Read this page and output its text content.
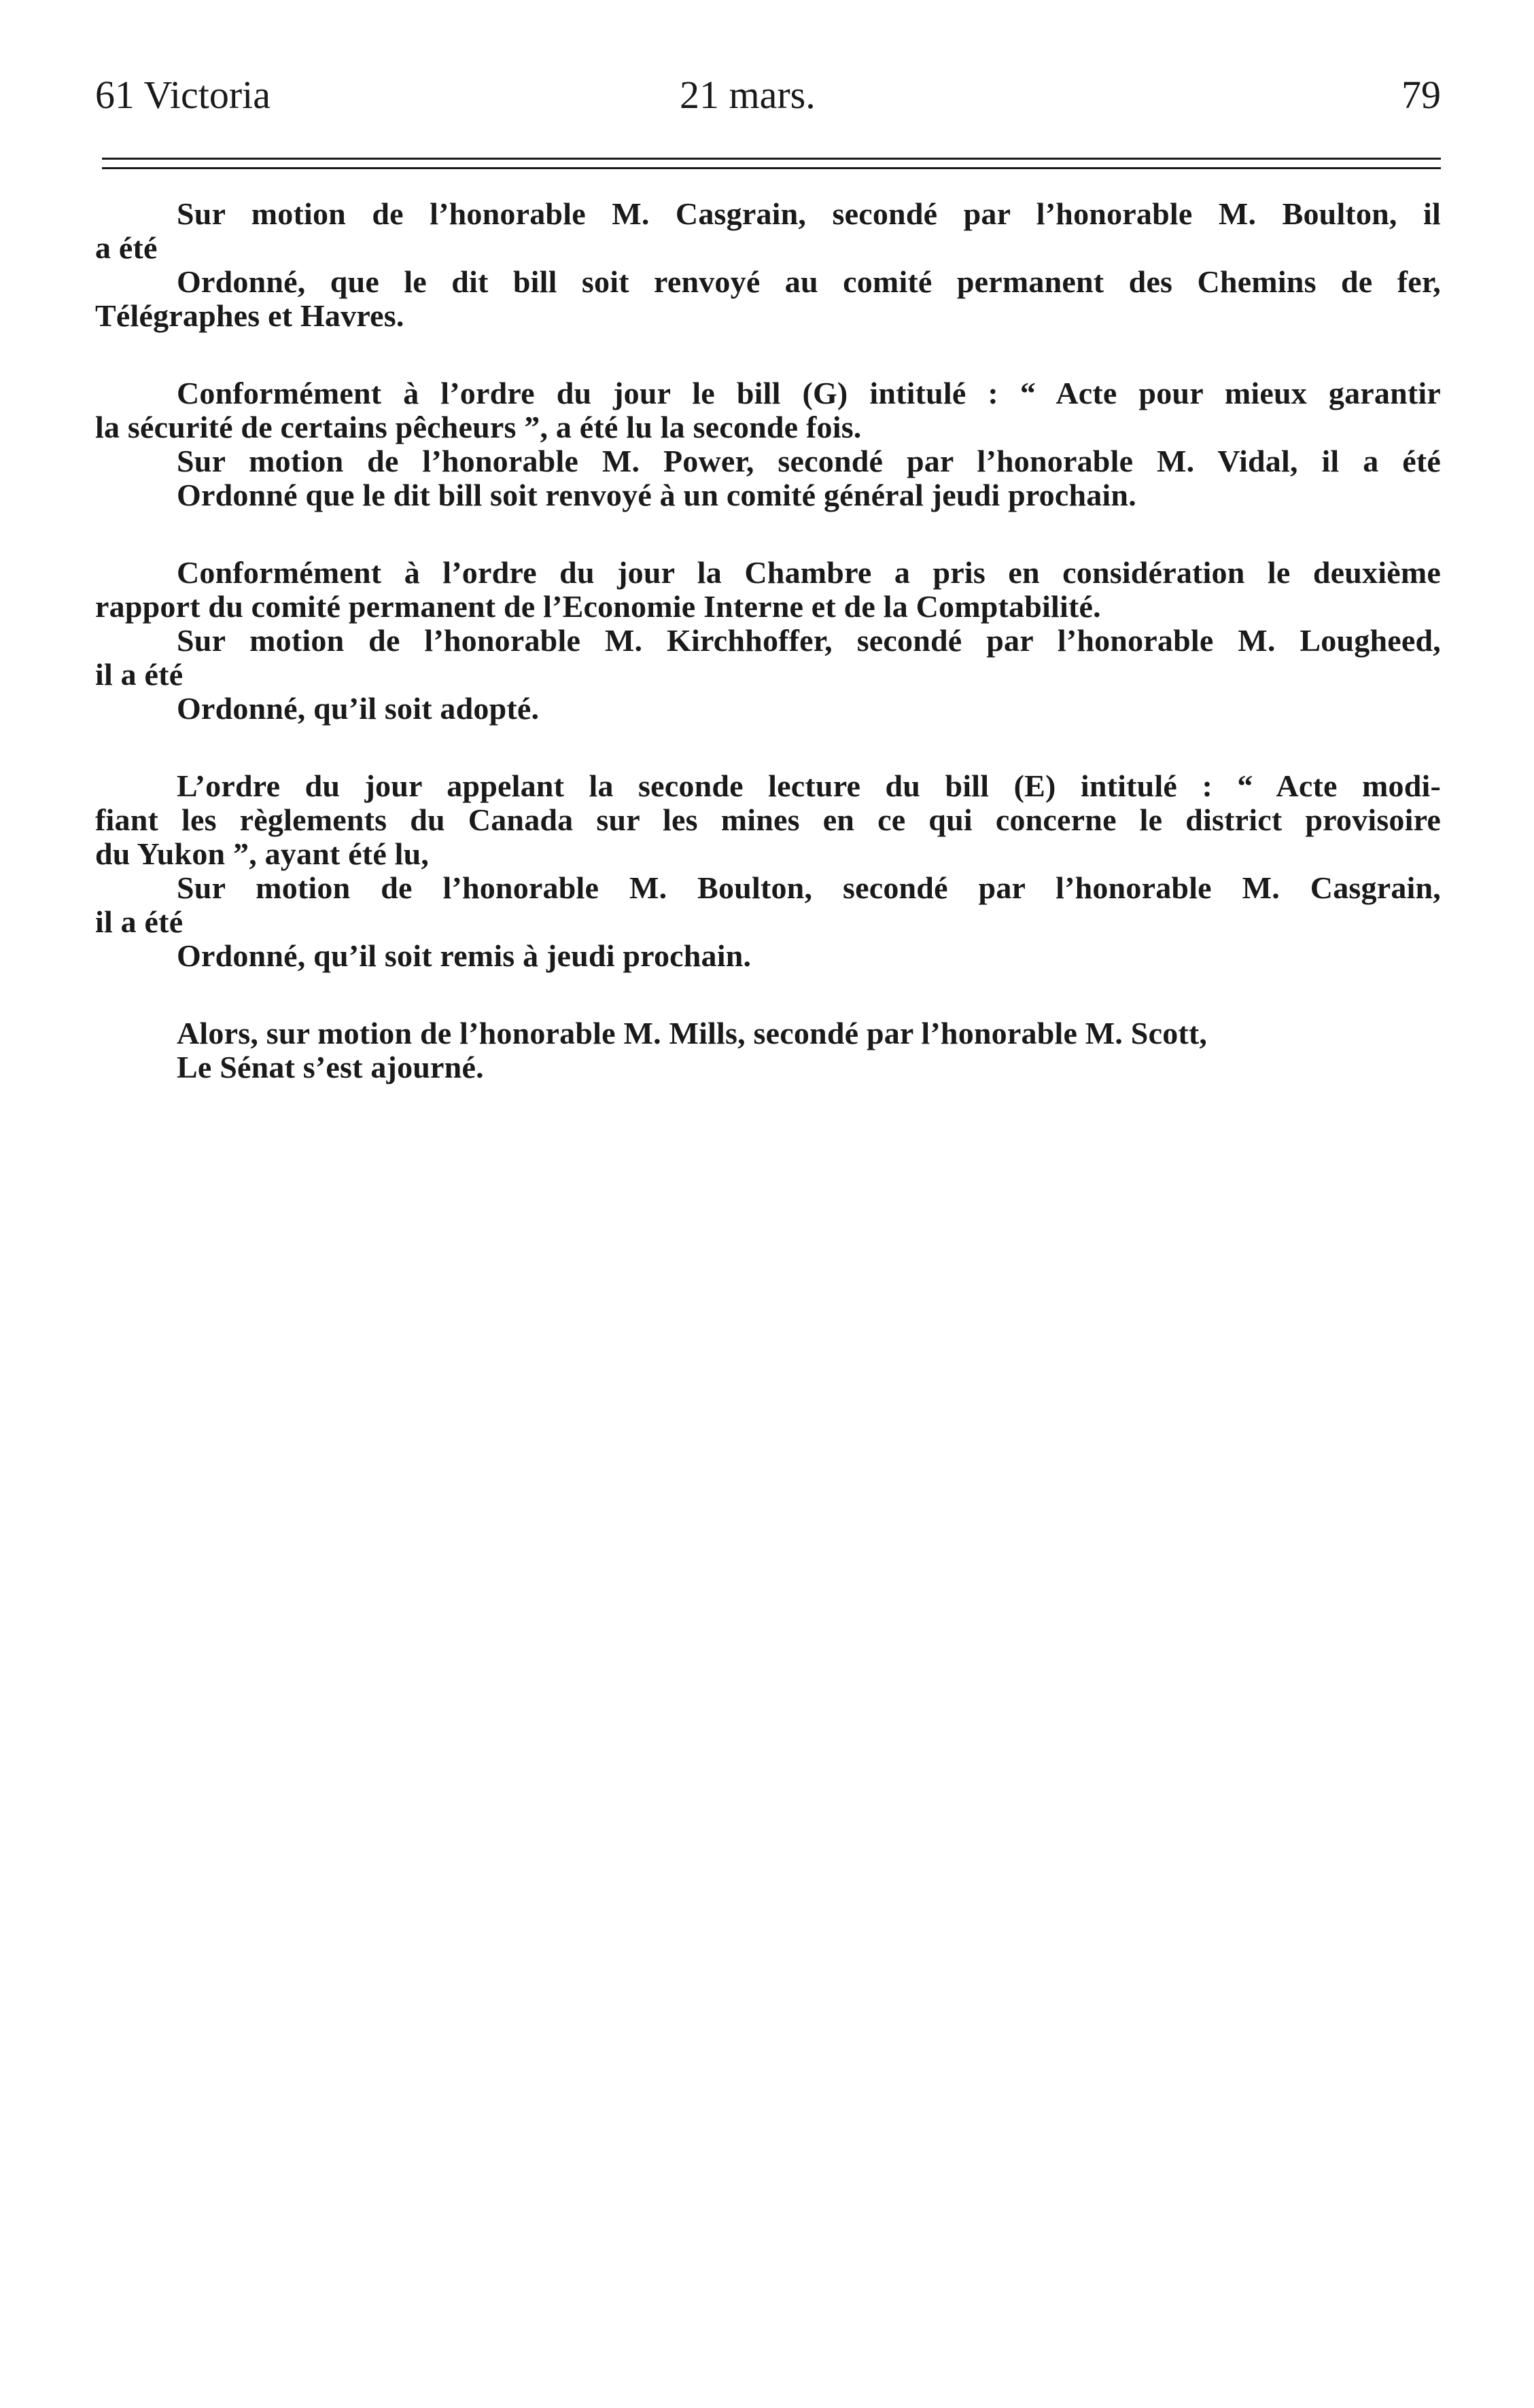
61 Victoria	21 mars.	79
Sur motion de l’honorable M. Casgrain, secondé par l’honorable M. Boulton, il
a été
Ordonné, que le dit bill soit renvoyé au comité permanent des Chemins de fer,
Télégraphes et Havres.
Conformément à l’ordre du jour le bill (G) intitulé : “ Acte pour mieux garantir
la sécurité de certains pêcheurs ”, a été lu la seconde fois.
Sur motion de l’honorable M. Power, secondé par l’honorable M. Vidal, il a été
Ordonné que le dit bill soit renvoyé à un comité général jeudi prochain.
Conformément à l’ordre du jour la Chambre a pris en considération le deuxième
rapport du comité permanent de l’Economie Interne et de la Comptabilité.
Sur motion de l’honorable M. Kirchhoffer, secondé par l’honorable M. Lougheed,
il a été
Ordonné, qu’il soit adopté.
L’ordre du jour appelant la seconde lecture du bill (E) intitulé : “ Acte modi-
fiant les règlements du Canada sur les mines en ce qui concerne le district provisoire
du Yukon ”, ayant été lu,
Sur motion de l’honorable M. Boulton, secondé par l’honorable M. Casgrain,
il a été
Ordonné, qu’il soit remis à jeudi prochain.
Alors, sur motion de l’honorable M. Mills, secondé par l’honorable M. Scott,
Le Sénat s’est ajourné.
